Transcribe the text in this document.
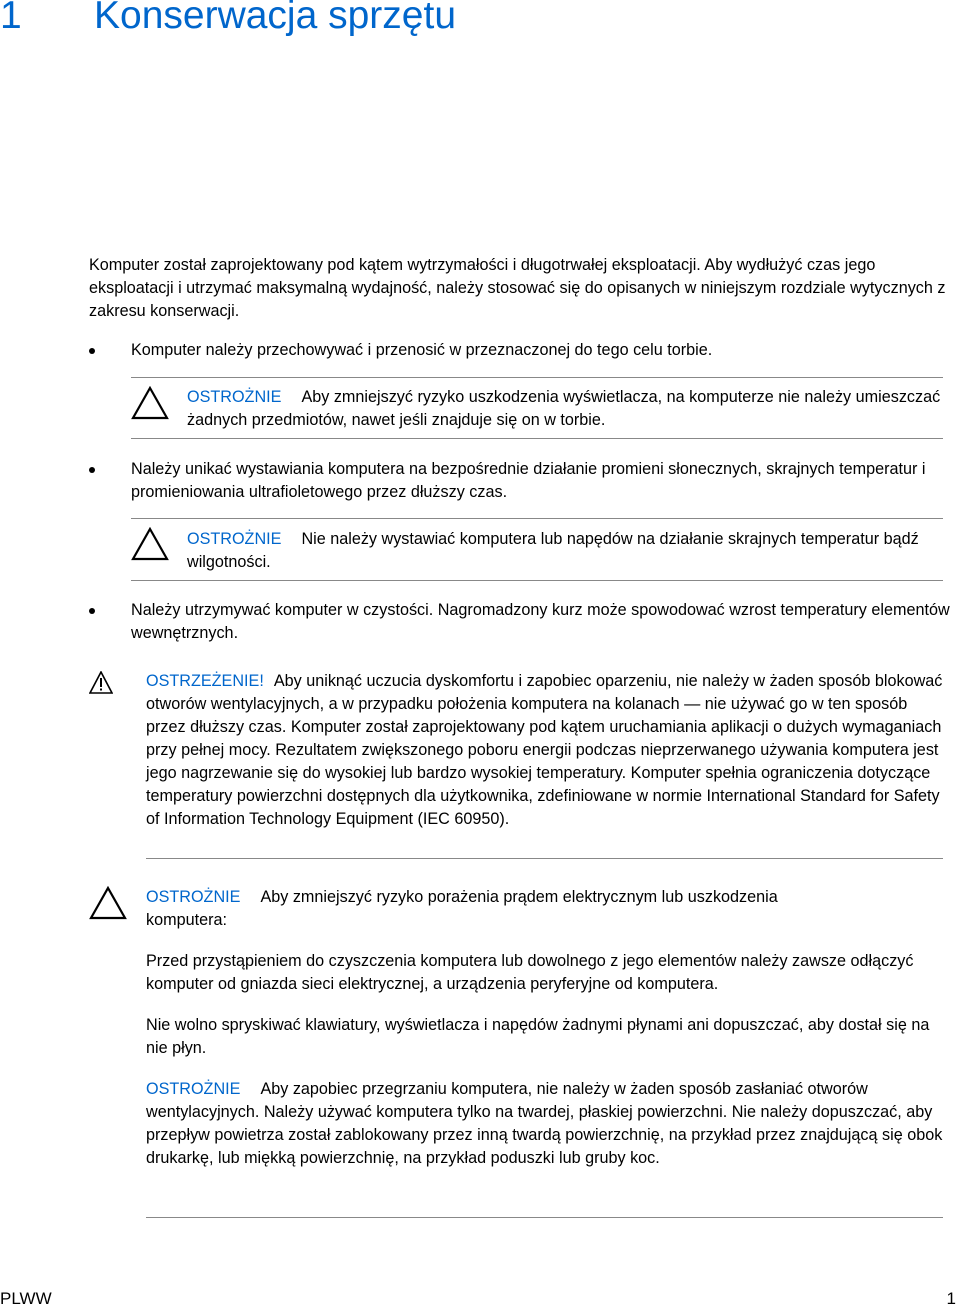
1 Konserwacja sprzętu

Komputer został zaprojektowany pod kątem wytrzymałości i długotrwałej eksploatacji. Aby wydłużyć czas jego eksploatacji i utrzymać maksymalną wydajność, należy stosować się do opisanych w niniejszym rozdziale wytycznych z zakresu konserwacji.

Komputer należy przechowywać i przenosić w przeznaczonej do tego celu torbie.

OSTROŻNIE Aby zmniejszyć ryzyko uszkodzenia wyświetlacza, na komputerze nie należy umieszczać żadnych przedmiotów, nawet jeśli znajduje się on w torbie.

Należy unikać wystawiania komputera na bezpośrednie działanie promieni słonecznych, skrajnych temperatur i promieniowania ultrafioletowego przez dłuższy czas.

OSTROŻNIE Nie należy wystawiać komputera lub napędów na działanie skrajnych temperatur bądź wilgotności.

Należy utrzymywać komputer w czystości. Nagromadzony kurz może spowodować wzrost temperatury elementów wewnętrznych.

OSTRZEŻENIE! Aby uniknąć uczucia dyskomfortu i zapobiec oparzeniu, nie należy w żaden sposób blokować otworów wentylacyjnych, a w przypadku położenia komputera na kolanach — nie używać go w ten sposób przez dłuższy czas. Komputer został zaprojektowany pod kątem uruchamiania aplikacji o dużych wymaganiach przy pełnej mocy. Rezultatem zwiększonego poboru energii podczas nieprzerwanego używania komputera jest jego nagrzewanie się do wysokiej lub bardzo wysokiej temperatury. Komputer spełnia ograniczenia dotyczące temperatury powierzchni dostępnych dla użytkownika, zdefiniowane w normie International Standard for Safety of Information Technology Equipment (IEC 60950).

OSTROŻNIE Aby zmniejszyć ryzyko porażenia prądem elektrycznym lub uszkodzenia
komputera:

Przed przystąpieniem do czyszczenia komputera lub dowolnego z jego elementów należy zawsze odłączyć komputer od gniazda sieci elektrycznej, a urządzenia peryferyjne od komputera.

Nie wolno spryskiwać klawiatury, wyświetlacza i napędów żadnymi płynami ani dopuszczać, aby dostał się na nie płyn.

OSTROŻNIE Aby zapobiec przegrzaniu komputera, nie należy w żaden sposób zasłaniać otworów wentylacyjnych. Należy używać komputera tylko na twardej, płaskiej powierzchni. Nie należy dopuszczać, aby przepływ powietrza został zablokowany przez inną twardą powierzchnię, na przykład przez znajdującą się obok drukarkę, lub miękką powierzchnię, na przykład poduszki lub gruby koc.

PLWW	1
